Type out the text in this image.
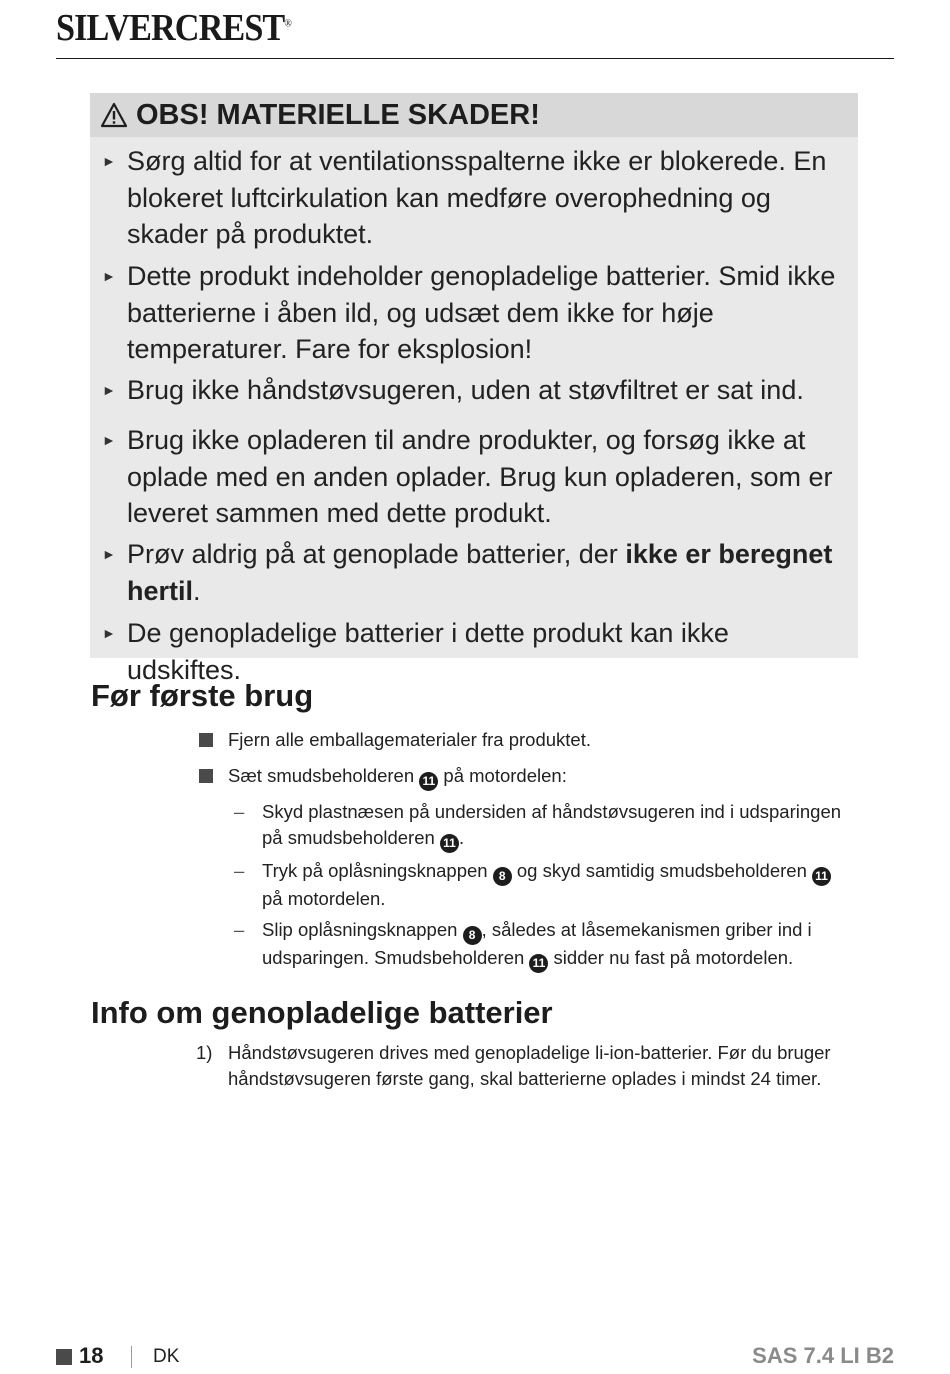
SILVERCREST®
OBS! MATERIELLE SKADER!
► Sørg altid for at ventilationsspalterne ikke er blokerede. En blokeret luftcirkulation kan medføre overophedning og skader på produktet.
► Dette produkt indeholder genopladelige batterier. Smid ikke batterierne i åben ild, og udsæt dem ikke for høje temperaturer. Fare for eksplosion!
► Brug ikke håndstøvsugeren, uden at støvfiltret er sat ind.
► Brug ikke opladeren til andre produkter, og forsøg ikke at oplade med en anden oplader. Brug kun opladeren, som er leveret sammen med dette produkt.
► Prøv aldrig på at genoplade batterier, der ikke er beregnet hertil.
► De genopladelige batterier i dette produkt kan ikke udskiftes.
Før første brug
Fjern alle emballagematerialer fra produktet.
Sæt smudsbeholderen 11 på motordelen:
– Skyd plastnæsen på undersiden af håndstøvsugeren ind i udsparingen på smudsbeholderen 11 .
– Tryk på oplåsningsknappen 8 og skyd samtidig smudsbeholderen 11 på motordelen.
– Slip oplåsningsknappen 8 , således at låsemekanismen griber ind i udsparingen. Smudsbeholderen 11 sidder nu fast på motordelen.
Info om genopladelige batterier
1) Håndstøvsugeren drives med genopladelige li-ion-batterier. Før du bruger håndstøvsugeren første gang, skal batterierne oplades i mindst 24 timer.
18	DK	SAS 7.4 LI B2
